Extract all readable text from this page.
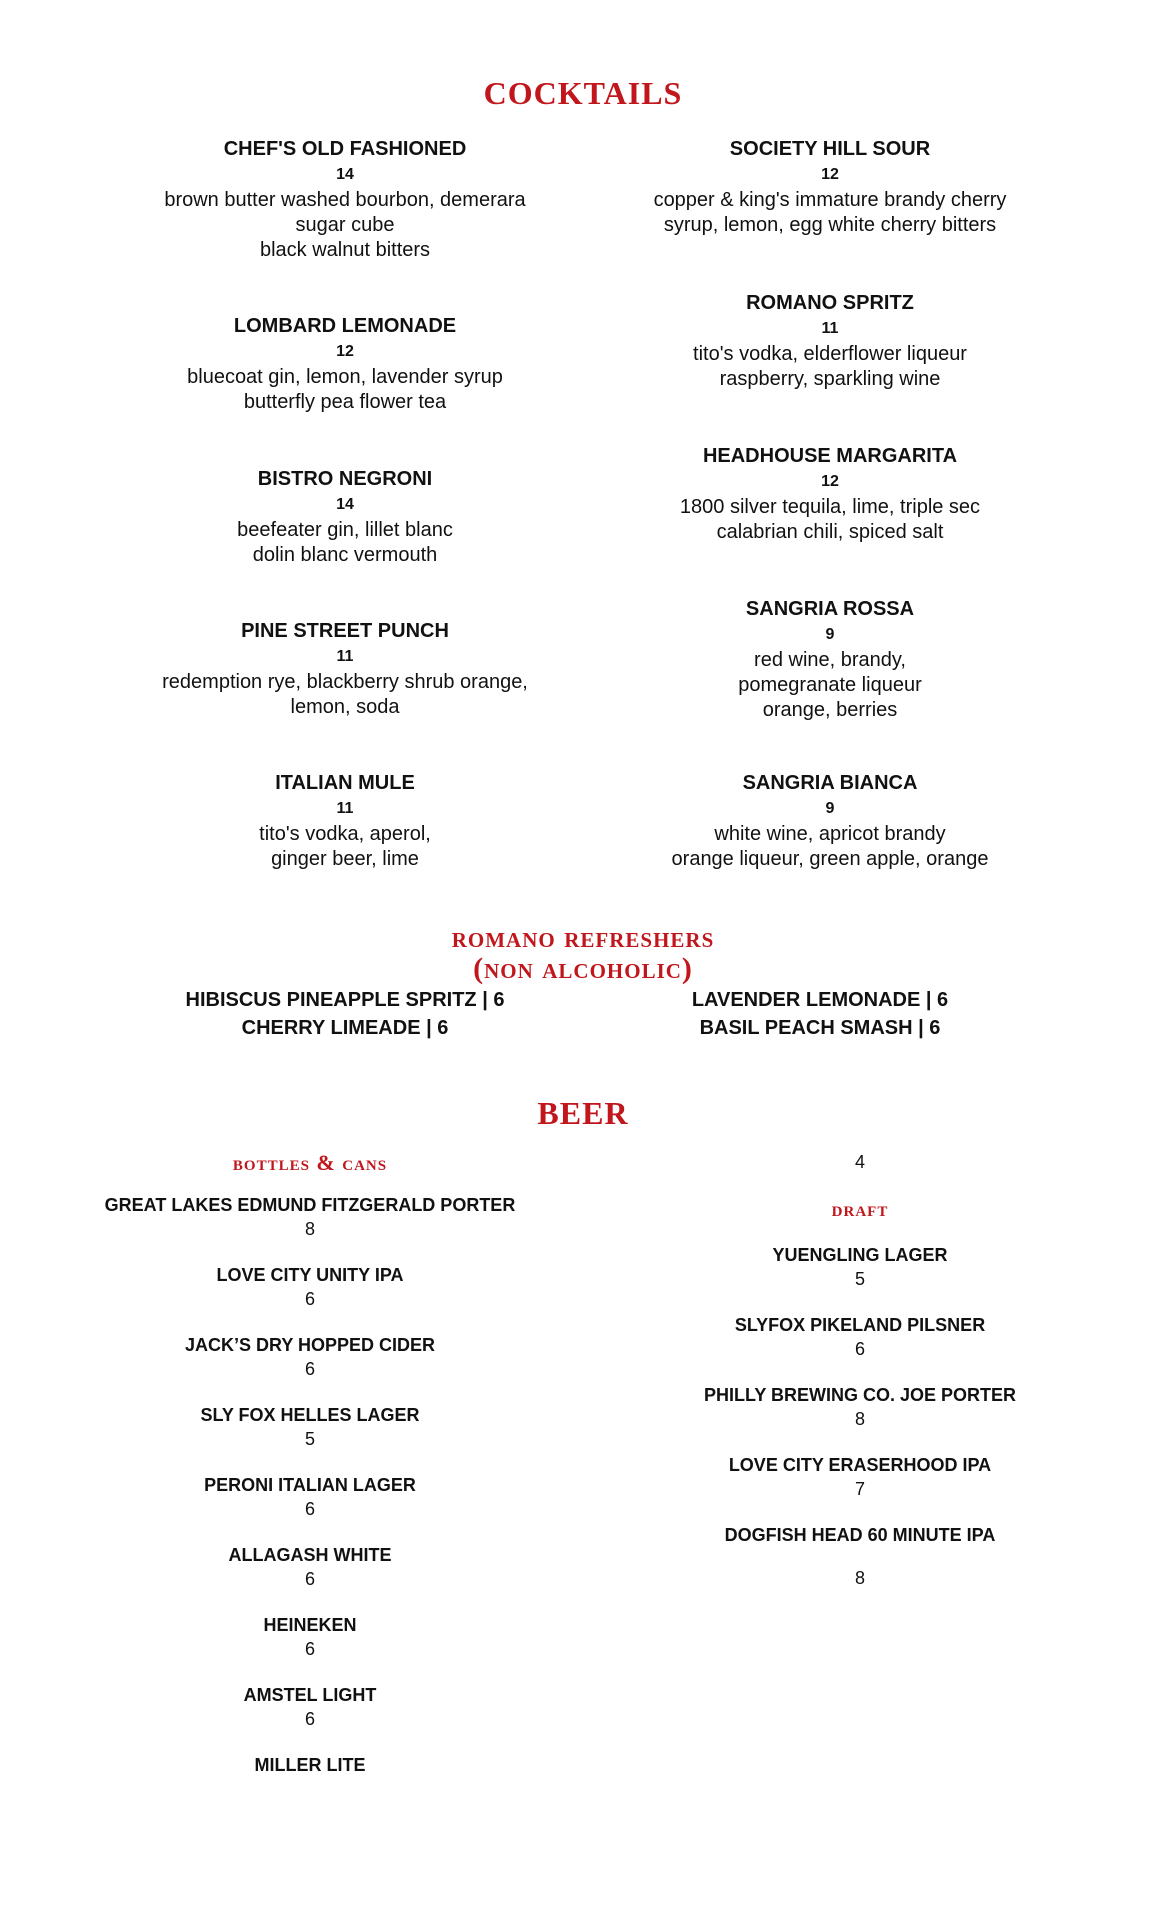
cocktails
CHEF'S OLD FASHIONED
14
brown butter washed bourbon, demerara
sugar cube
black walnut bitters
LOMBARD LEMONADE
12
bluecoat gin, lemon, lavender syrup
butterfly pea flower tea
BISTRO NEGRONI
14
beefeater gin, lillet blanc
dolin blanc vermouth
PINE STREET PUNCH
11
redemption rye, blackberry shrub orange,
lemon, soda
ITALIAN MULE
11
tito's vodka, aperol,
ginger beer, lime
SOCIETY HILL SOUR
12
copper & king's immature brandy cherry
syrup, lemon, egg white cherry bitters
ROMANO SPRITZ
11
tito's vodka, elderflower liqueur
raspberry, sparkling wine
HEADHOUSE MARGARITA
12
1800 silver tequila, lime, triple sec
calabrian chili, spiced salt
SANGRIA ROSSA
9
red wine, brandy,
pomegranate liqueur
orange, berries
SANGRIA BIANCA
9
white wine, apricot brandy
orange liqueur, green apple, orange
romano refreshers
(non alcoholic)
HIBISCUS PINEAPPLE SPRITZ | 6
CHERRY LIMEADE | 6
LAVENDER LEMONADE | 6
BASIL PEACH SMASH | 6
beer
bottles & cans
GREAT LAKES EDMUND FITZGERALD PORTER
8
LOVE CITY UNITY IPA
6
JACK’S DRY HOPPED CIDER
6
SLY FOX HELLES LAGER
5
PERONI ITALIAN LAGER
6
ALLAGASH WHITE
6
HEINEKEN
6
AMSTEL LIGHT
6
MILLER LITE
4
draft
YUENGLING LAGER
5
SLYFOX PIKELAND PILSNER
6
PHILLY BREWING CO. JOE PORTER
8
LOVE CITY ERASERHOOD IPA
7
DOGFISH HEAD 60 MINUTE IPA
8
